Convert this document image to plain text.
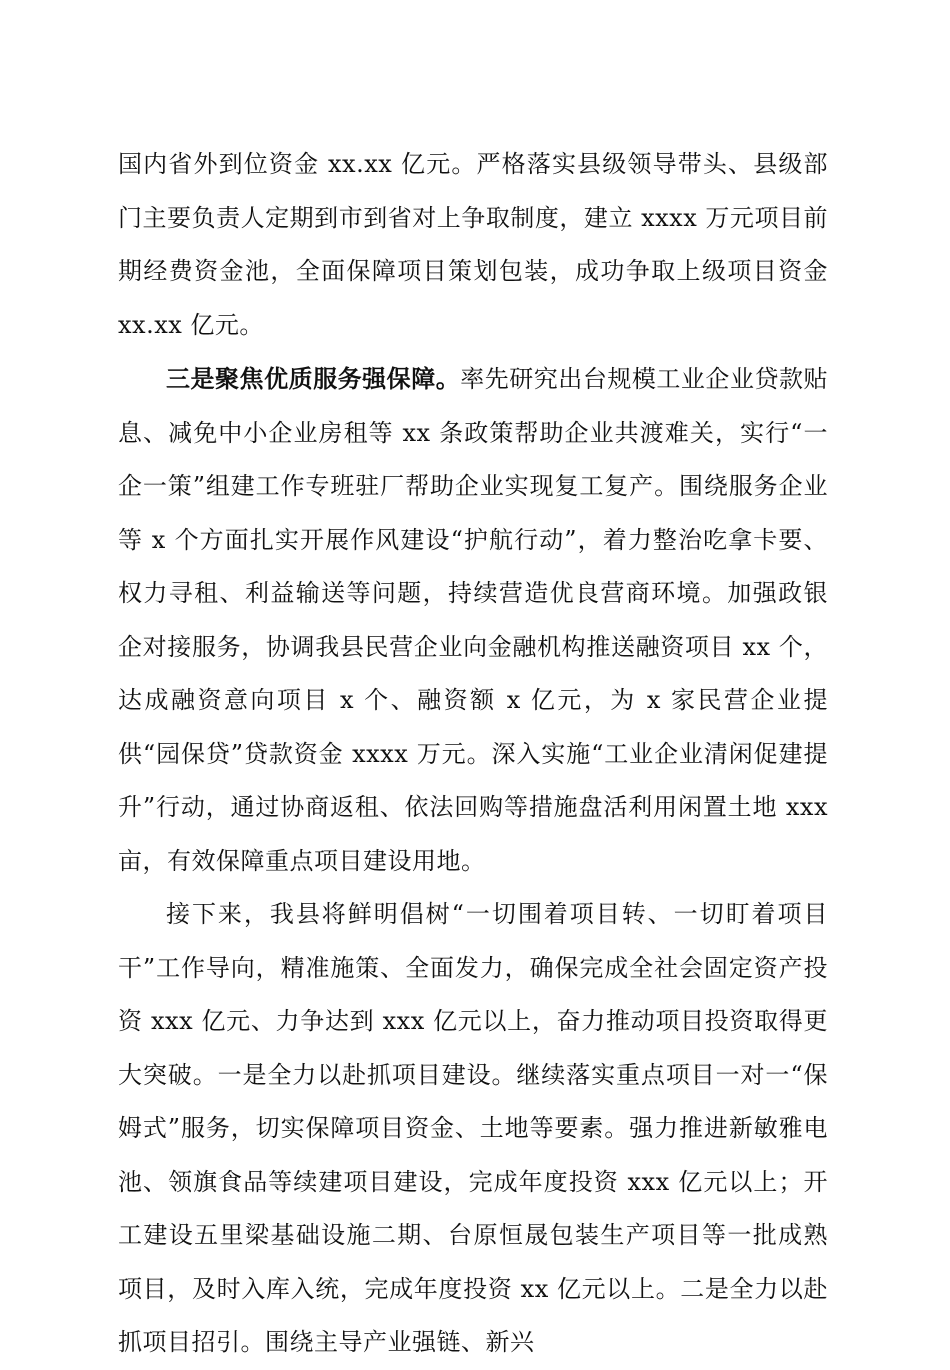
国内省外到位资金 xx.xx 亿元。严格落实县级领导带头、县级部门主要负责人定期到市到省对上争取制度，建立 xxxx 万元项目前期经费资金池，全面保障项目策划包装，成功争取上级项目资金 xx.xx 亿元。

三是聚焦优质服务强保障。率先研究出台规模工业企业贷款贴息、减免中小企业房租等 xx 条政策帮助企业共渡难关，实行“一企一策”组建工作专班驻厂帮助企业实现复工复产。围绕服务企业等 x 个方面扎实开展作风建设“护航行动”，着力整治吃拿卡要、权力寻租、利益输送等问题，持续营造优良营商环境。加强政银企对接服务，协调我县民营企业向金融机构推送融资项目 xx 个，达成融资意向项目 x 个、融资额 x 亿元，为 x 家民营企业提供“园保贷”贷款资金 xxxx 万元。深入实施“工业企业清闲促建提升”行动，通过协商返租、依法回购等措施盘活利用闲置土地 xxx 亩，有效保障重点项目建设用地。

接下来，我县将鲜明倡树“一切围着项目转、一切盯着项目干”工作导向，精准施策、全面发力，确保完成全社会固定资产投资 xxx 亿元、力争达到 xxx 亿元以上，奋力推动项目投资取得更大突破。一是全力以赴抓项目建设。继续落实重点项目一对一“保姆式”服务，切实保障项目资金、土地等要素。强力推进新敏雅电池、领旗食品等续建项目建设，完成年度投资 xxx 亿元以上；开工建设五里梁基础设施二期、台原恒晟包装生产项目等一批成熟项目，及时入库入统，完成年度投资 xx 亿元以上。二是全力以赴抓项目招引。围绕主导产业强链、新兴
